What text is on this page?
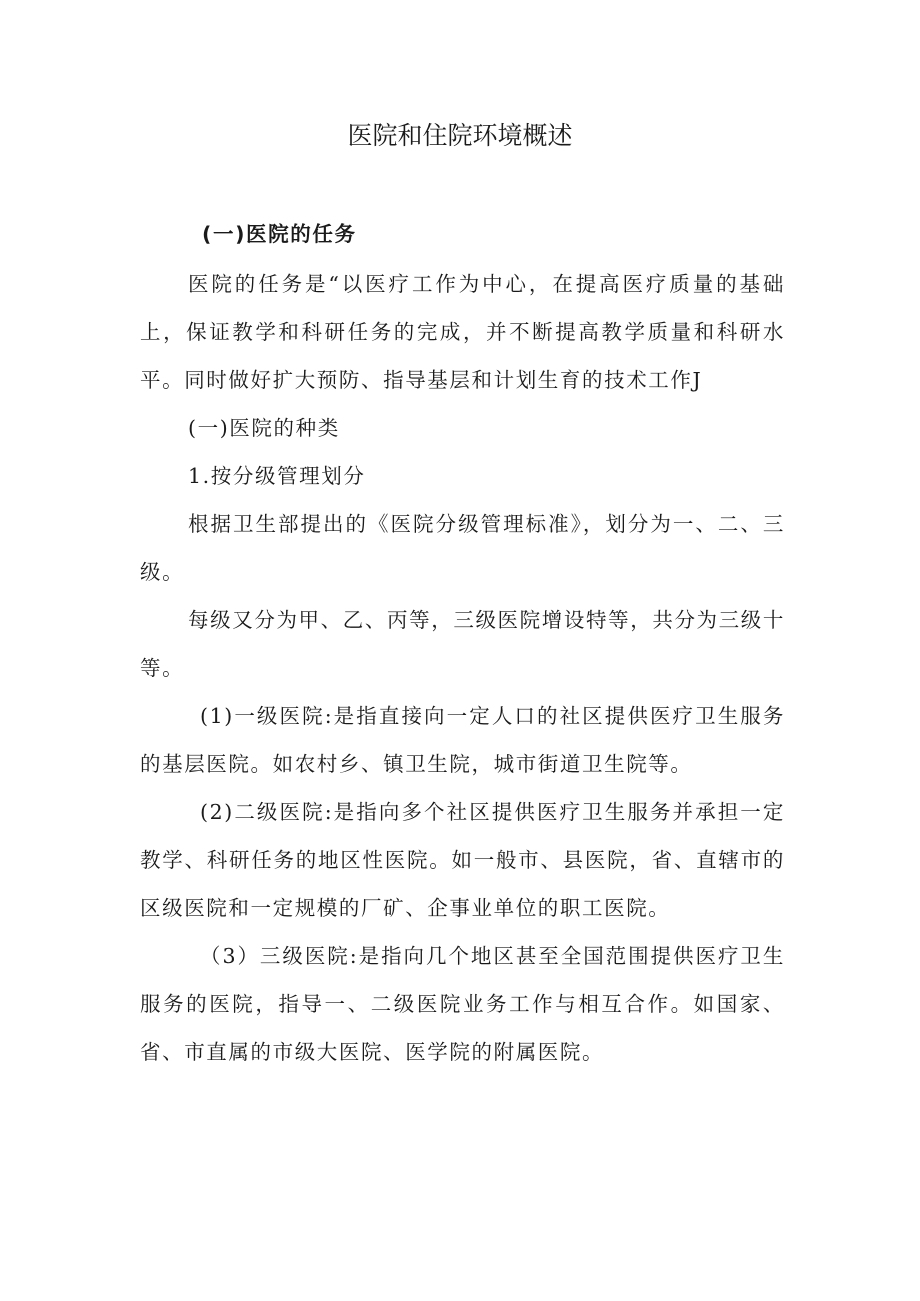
医院和住院环境概述

(一)医院的任务

医院的任务是“以医疗工作为中心，在提高医疗质量的基础上，保证教学和科研任务的完成，并不断提高教学质量和科研水平。同时做好扩大预防、指导基层和计划生育的技术工作J

(一)医院的种类

1.按分级管理划分

根据卫生部提出的《医院分级管理标准》，划分为一、二、三级。

每级又分为甲、乙、丙等，三级医院增设特等，共分为三级十等。

(1)一级医院:是指直接向一定人口的社区提供医疗卫生服务的基层医院。如农村乡、镇卫生院，城市街道卫生院等。

(2)二级医院:是指向多个社区提供医疗卫生服务并承担一定教学、科研任务的地区性医院。如一般市、县医院，省、直辖市的区级医院和一定规模的厂矿、企事业单位的职工医院。

（3）三级医院:是指向几个地区甚至全国范围提供医疗卫生服务的医院，指导一、二级医院业务工作与相互合作。如国家、省、市直属的市级大医院、医学院的附属医院。
